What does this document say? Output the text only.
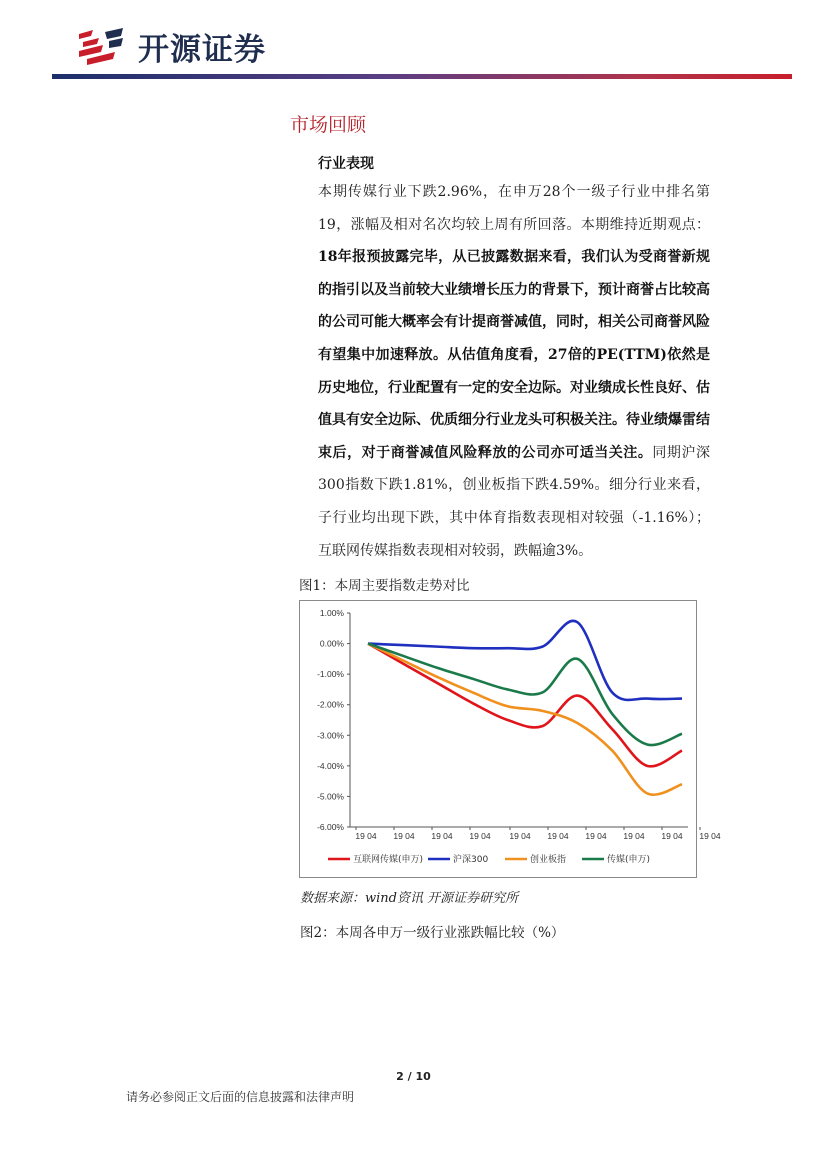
开源证券
市场回顾
行业表现
本期传媒行业下跌2.96%，在申万28个一级子行业中排名第19，涨幅及相对名次均较上周有所回落。本期维持近期观点：18年报预披露完毕，从已披露数据来看，我们认为受商誉新规的指引以及当前较大业绩增长压力的背景下，预计商誉占比较高的公司可能大概率会有计提商誉减值，同时，相关公司商誉风险有望集中加速释放。从估值角度看，27倍的PE(TTM)依然是历史地位，行业配置有一定的安全边际。对业绩成长性良好、估值具有安全边际、优质细分行业龙头可积极关注。待业绩爆雷结束后，对于商誉减值风险释放的公司亦可适当关注。同期沪深300指数下跌1.81%，创业板指下跌4.59%。细分行业来看，子行业均出现下跌，其中体育指数表现相对较强（-1.16%）；互联网传媒指数表现相对较弱，跌幅逾3%。
图1：本周主要指数走势对比
1.00%
0.00%
-1.00%
-2.00%
-3.00%
-4.00%
-5.00%
-6.00%
19 04 19 04 19 04 19 04 19 04 19 04 19 04 19 04 19 04 19 04
互联网传媒(申万)	沪深300	创业板指	传媒(申万)
数据来源：wind资讯 开源证券研究所
图2：本周各申万一级行业涨跌幅比较（%）
2 / 10
请务必参阅正文后面的信息披露和法律声明
